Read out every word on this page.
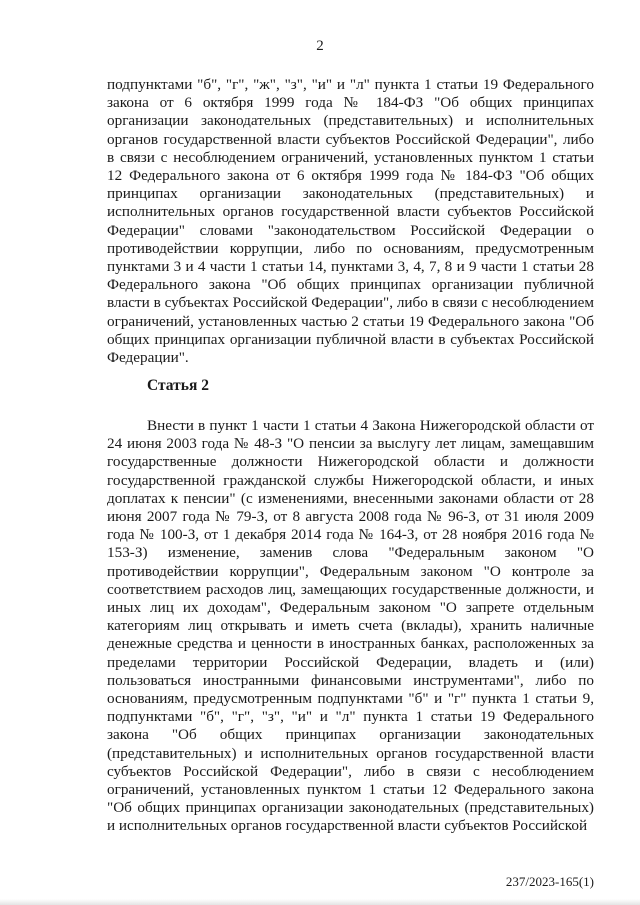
2

подпунктами "б", "г", "ж", "з", "и" и "л" пункта 1 статьи 19 Федерального закона от 6 октября 1999 года № 184-ФЗ "Об общих принципах организации законодательных (представительных) и исполнительных органов государственной власти субъектов Российской Федерации", либо в связи с несоблюдением ограничений, установленных пунктом 1 статьи 12 Федерального закона от 6 октября 1999 года № 184-ФЗ "Об общих принципах организации законодательных (представительных) и исполнительных органов государственной власти субъектов Российской Федерации" словами "законодательством Российской Федерации о противодействии коррупции, либо по основаниям, предусмотренным пунктами 3 и 4 части 1 статьи 14, пунктами 3, 4, 7, 8 и 9 части 1 статьи 28 Федерального закона "Об общих принципах организации публичной власти в субъектах Российской Федерации", либо в связи с несоблюдением ограничений, установленных частью 2 статьи 19 Федерального закона "Об общих принципах организации публичной власти в субъектах Российской Федерации".

Статья 2

Внести в пункт 1 части 1 статьи 4 Закона Нижегородской области от 24 июня 2003 года № 48-З "О пенсии за выслугу лет лицам, замещавшим государственные должности Нижегородской области и должности государственной гражданской службы Нижегородской области, и иных доплатах к пенсии" (с изменениями, внесенными законами области от 28 июня 2007 года № 79-З, от 8 августа 2008 года № 96-З, от 31 июля 2009 года № 100-З, от 1 декабря 2014 года № 164-З, от 28 ноября 2016 года № 153-З) изменение, заменив слова "Федеральным законом "О противодействии коррупции", Федеральным законом "О контроле за соответствием расходов лиц, замещающих государственные должности, и иных лиц их доходам", Федеральным законом "О запрете отдельным категориям лиц открывать и иметь счета (вклады), хранить наличные денежные средства и ценности в иностранных банках, расположенных за пределами территории Российской Федерации, владеть и (или) пользоваться иностранными финансовыми инструментами", либо по основаниям, предусмотренным подпунктами "б" и "г" пункта 1 статьи 9, подпунктами "б", "г", "з", "и" и "л" пункта 1 статьи 19 Федерального закона "Об общих принципах организации законодательных (представительных) и исполнительных органов государственной власти субъектов Российской Федерации", либо в связи с несоблюдением ограничений, установленных пунктом 1 статьи 12 Федерального закона "Об общих принципах организации законодательных (представительных) и исполнительных органов государственной власти субъектов Российской

237/2023-165(1)
